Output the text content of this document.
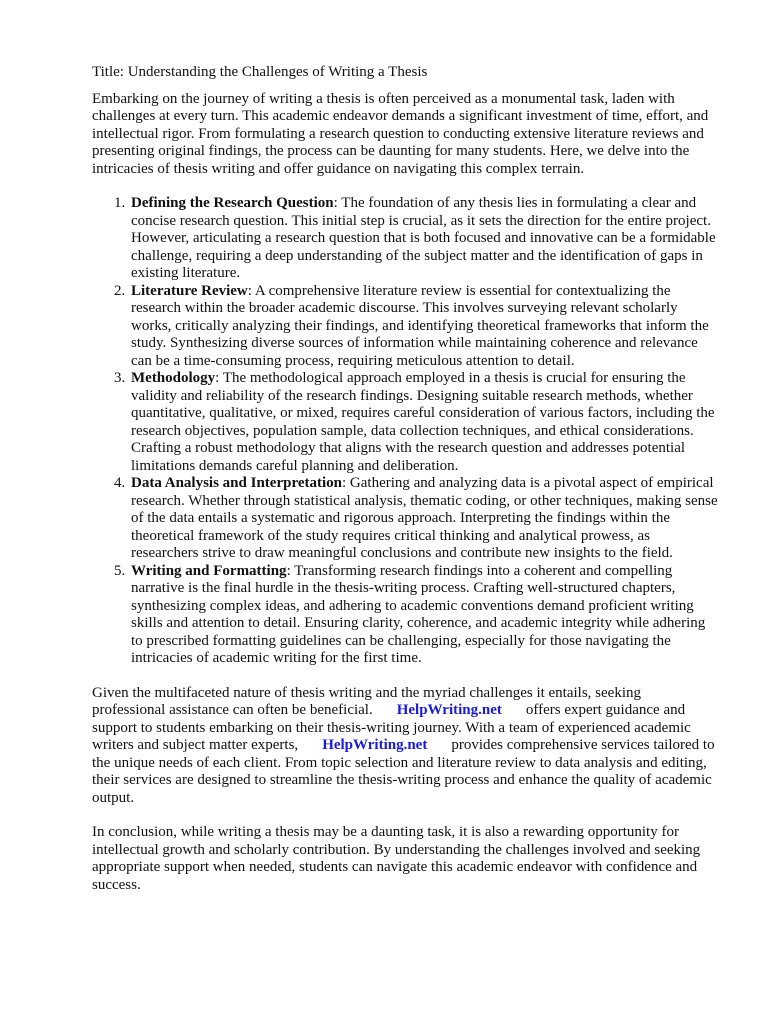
Title: Understanding the Challenges of Writing a Thesis

Embarking on the journey of writing a thesis is often perceived as a monumental task, laden with challenges at every turn. This academic endeavor demands a significant investment of time, effort, and intellectual rigor. From formulating a research question to conducting extensive literature reviews and presenting original findings, the process can be daunting for many students. Here, we delve into the intricacies of thesis writing and offer guidance on navigating this complex terrain.

1. Defining the Research Question: The foundation of any thesis lies in formulating a clear and concise research question. This initial step is crucial, as it sets the direction for the entire project. However, articulating a research question that is both focused and innovative can be a formidable challenge, requiring a deep understanding of the subject matter and the identification of gaps in existing literature.
2. Literature Review: A comprehensive literature review is essential for contextualizing the research within the broader academic discourse. This involves surveying relevant scholarly works, critically analyzing their findings, and identifying theoretical frameworks that inform the study. Synthesizing diverse sources of information while maintaining coherence and relevance can be a time-consuming process, requiring meticulous attention to detail.
3. Methodology: The methodological approach employed in a thesis is crucial for ensuring the validity and reliability of the research findings. Designing suitable research methods, whether quantitative, qualitative, or mixed, requires careful consideration of various factors, including the research objectives, population sample, data collection techniques, and ethical considerations. Crafting a robust methodology that aligns with the research question and addresses potential limitations demands careful planning and deliberation.
4. Data Analysis and Interpretation: Gathering and analyzing data is a pivotal aspect of empirical research. Whether through statistical analysis, thematic coding, or other techniques, making sense of the data entails a systematic and rigorous approach. Interpreting the findings within the theoretical framework of the study requires critical thinking and analytical prowess, as researchers strive to draw meaningful conclusions and contribute new insights to the field.
5. Writing and Formatting: Transforming research findings into a coherent and compelling narrative is the final hurdle in the thesis-writing process. Crafting well-structured chapters, synthesizing complex ideas, and adhering to academic conventions demand proficient writing skills and attention to detail. Ensuring clarity, coherence, and academic integrity while adhering to prescribed formatting guidelines can be challenging, especially for those navigating the intricacies of academic writing for the first time.

Given the multifaceted nature of thesis writing and the myriad challenges it entails, seeking professional assistance can often be beneficial. HelpWriting.net offers expert guidance and support to students embarking on their thesis-writing journey. With a team of experienced academic writers and subject matter experts, HelpWriting.net provides comprehensive services tailored to the unique needs of each client. From topic selection and literature review to data analysis and editing, their services are designed to streamline the thesis-writing process and enhance the quality of academic output.

In conclusion, while writing a thesis may be a daunting task, it is also a rewarding opportunity for intellectual growth and scholarly contribution. By understanding the challenges involved and seeking appropriate support when needed, students can navigate this academic endeavor with confidence and success.
